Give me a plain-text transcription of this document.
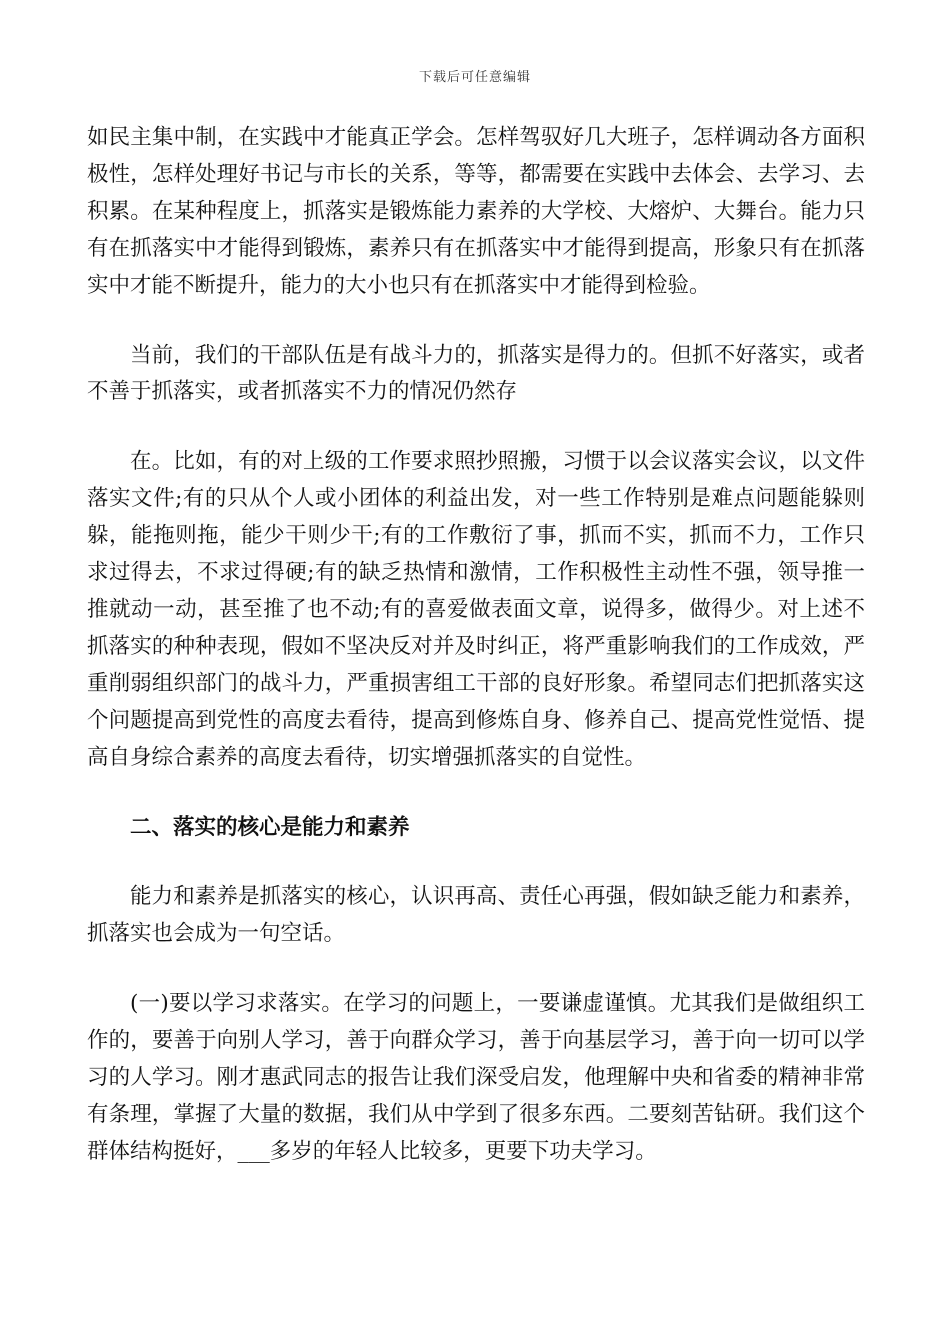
下载后可任意编辑

如民主集中制，在实践中才能真正学会。怎样驾驭好几大班子，怎样调动各方面积极性，怎样处理好书记与市长的关系，等等，都需要在实践中去体会、去学习、去积累。在某种程度上，抓落实是锻炼能力素养的大学校、大熔炉、大舞台。能力只有在抓落实中才能得到锻炼，素养只有在抓落实中才能得到提高，形象只有在抓落实中才能不断提升，能力的大小也只有在抓落实中才能得到检验。

当前，我们的干部队伍是有战斗力的，抓落实是得力的。但抓不好落实，或者不善于抓落实，或者抓落实不力的情况仍然存

在。比如，有的对上级的工作要求照抄照搬，习惯于以会议落实会议，以文件落实文件;有的只从个人或小团体的利益出发，对一些工作特别是难点问题能躲则躲，能拖则拖，能少干则少干;有的工作敷衍了事，抓而不实，抓而不力，工作只求过得去，不求过得硬;有的缺乏热情和激情，工作积极性主动性不强，领导推一推就动一动，甚至推了也不动;有的喜爱做表面文章，说得多，做得少。对上述不抓落实的种种表现，假如不坚决反对并及时纠正，将严重影响我们的工作成效，严重削弱组织部门的战斗力，严重损害组工干部的良好形象。希望同志们把抓落实这个问题提高到党性的高度去看待，提高到修炼自身、修养自己、提高党性觉悟、提高自身综合素养的高度去看待，切实增强抓落实的自觉性。

二、落实的核心是能力和素养

能力和素养是抓落实的核心，认识再高、责任心再强，假如缺乏能力和素养，抓落实也会成为一句空话。

(一)要以学习求落实。在学习的问题上，一要谦虚谨慎。尤其我们是做组织工作的，要善于向别人学习，善于向群众学习，善于向基层学习，善于向一切可以学习的人学习。刚才惠武同志的报告让我们深受启发，他理解中央和省委的精神非常有条理，掌握了大量的数据，我们从中学到了很多东西。二要刻苦钻研。我们这个群体结构挺好，___多岁的年轻人比较多，更要下功夫学习。
